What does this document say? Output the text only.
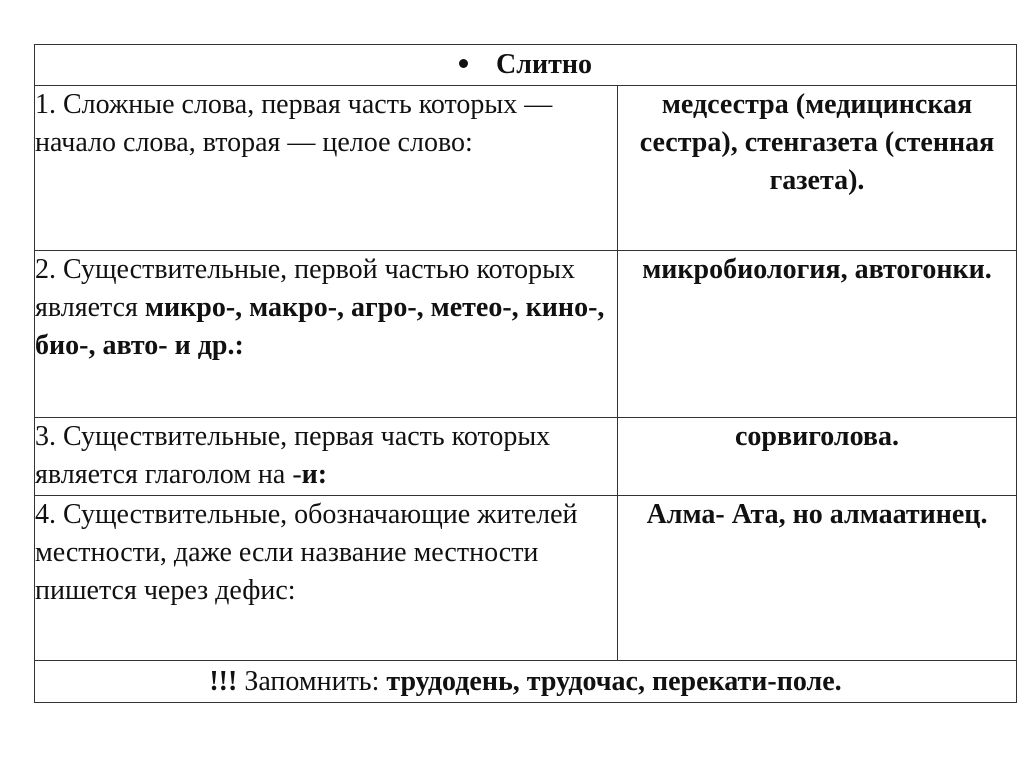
Слитно	
1. Сложные слова, первая часть которых — начало слова, вторая — целое слово:	медсестра (медицинская сестра), стенгазета (стенная газета).
2. Существительные, первой частью которых является микро-, макро-, агро-, метео-, кино-, био-, авто- и др.:	микробиология, автогонки.
3. Существительные, первая часть которых является глаголом на -и:	сорвиголова.
4. Существительные, обозначающие жителей местности, даже если название местности пишется через дефис:	Алма- Ата, но алмаатинец.
!!! Запомнить: трудодень, трудочас, перекати-поле.	
